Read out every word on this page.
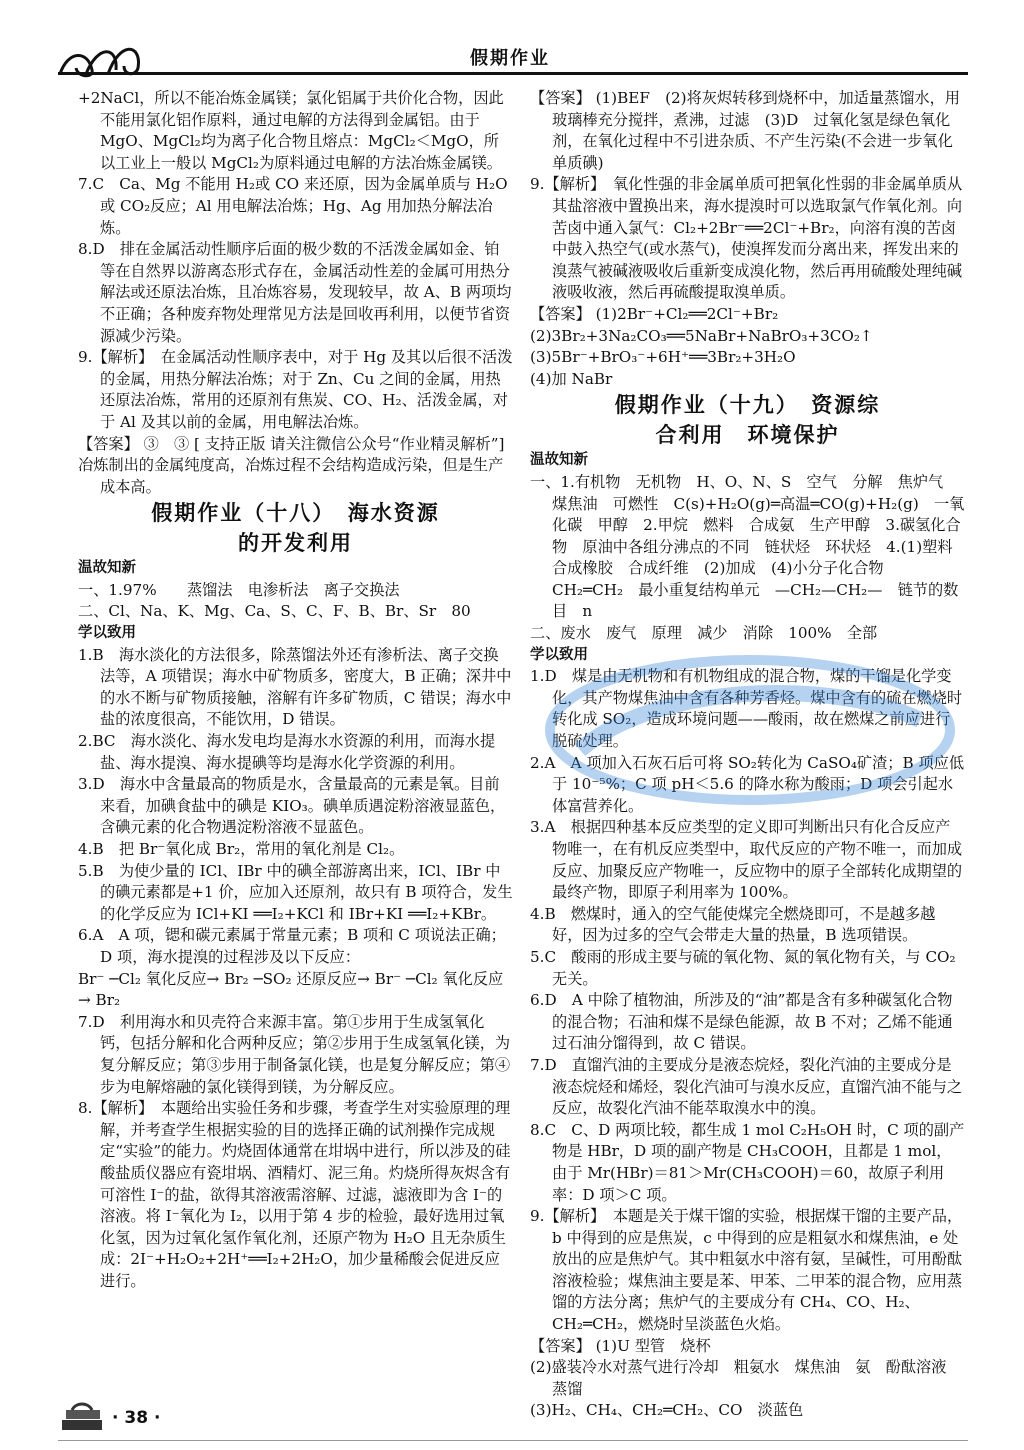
假期作业

+2NaCl，所以不能冶炼金属镁；氯化铝属于共价化合物，因此不能用氯化铝作原料，通过电解的方法得到金属铝。由于 MgO、MgCl₂均为离子化合物且熔点：MgCl₂＜MgO，所以工业上一般以 MgCl₂为原料通过电解的方法冶炼金属镁。

7.C　Ca、Mg 不能用 H₂或 CO 来还原，因为金属单质与 H₂O 或 CO₂反应；Al 用电解法冶炼；Hg、Ag 用加热分解法冶炼。

8.D　排在金属活动性顺序后面的极少数的不活泼金属如金、铂等在自然界以游离态形式存在，金属活动性差的金属可用热分解法或还原法冶炼，且冶炼容易，发现较早，故 A、B 两项均不正确；各种废弃物处理常见方法是回收再利用，以便节省资源减少污染。

9.【解析】　在金属活动性顺序表中，对于 Hg 及其以后很不活泼的金属，用热分解法冶炼；对于 Zn、Cu 之间的金属，用热还原法冶炼，常用的还原剂有焦炭、CO、H₂、活泼金属，对于 Al 及其以前的金属，用电解法冶炼。

【答案】 ③　③ [ 支持正版 请关注微信公众号“作业精灵解析”]

冶炼制出的金属纯度高，冶炼过程不会结构造成污染，但是生产成本高。

假期作业（十八）　海水资源

的开发利用

温故知新

一、1.97%　　蒸馏法　电渗析法　离子交换法

二、Cl、Na、K、Mg、Ca、S、C、F、B、Br、Sr　80

学以致用

1.B　海水淡化的方法很多，除蒸馏法外还有渗析法、离子交换法等，A 项错误；海水中矿物质多，密度大，B 正确；深井中的水不断与矿物质接触，溶解有许多矿物质，C 错误；海水中盐的浓度很高，不能饮用，D 错误。

2.BC　海水淡化、海水发电均是海水水资源的利用，而海水提盐、海水提溴、海水提碘等均是海水化学资源的利用。

3.D　海水中含量最高的物质是水，含量最高的元素是氧。目前来看，加碘食盐中的碘是 KIO₃。碘单质遇淀粉溶液显蓝色，含碘元素的化合物遇淀粉溶液不显蓝色。

4.B　把 Br⁻氧化成 Br₂，常用的氧化剂是 Cl₂。

5.B　为使少量的 ICl、IBr 中的碘全部游离出来，ICl、IBr 中的碘元素都是+1 价，应加入还原剂，故只有 B 项符合，发生的化学反应为 ICl+KI ══I₂+KCl 和 IBr+KI ══I₂+KBr。

6.A　A 项，锶和碳元素属于常量元素；B 项和 C 项说法正确；D 项，海水提溴的过程涉及以下反应：

Br⁻ ─Cl₂ 氧化反应→ Br₂ ─SO₂ 还原反应→ Br⁻ ─Cl₂ 氧化反应→ Br₂

7.D　利用海水和贝壳符合来源丰富。第①步用于生成氢氧化钙，包括分解和化合两种反应；第②步用于生成氢氧化镁，为复分解反应；第③步用于制备氯化镁，也是复分解反应；第④步为电解熔融的氯化镁得到镁，为分解反应。

8.【解析】　本题给出实验任务和步骤，考查学生对实验原理的理解，并考查学生根据实验的目的选择正确的试剂操作完成规定“实验”的能力。灼烧固体通常在坩埚中进行，所以涉及的硅酸盐质仪器应有瓷坩埚、酒精灯、泥三角。灼烧所得灰烬含有可溶性 I⁻的盐，欲得其溶液需溶解、过滤，滤液即为含 I⁻的溶液。将 I⁻氧化为 I₂，以用于第 4 步的检验，最好选用过氧化氢，因为过氧化氢作氧化剂，还原产物为 H₂O 且无杂质生成：2I⁻+H₂O₂+2H⁺══I₂+2H₂O，加少量稀酸会促进反应进行。

【答案】 (1)BEF　(2)将灰烬转移到烧杯中，加适量蒸馏水，用玻璃棒充分搅拌，煮沸，过滤　(3)D　过氧化氢是绿色氧化剂，在氧化过程中不引进杂质、不产生污染(不会进一步氧化单质碘)

9.【解析】　氧化性强的非金属单质可把氧化性弱的非金属单质从其盐溶液中置换出来，海水提溴时可以选取氯气作氧化剂。向苦卤中通入氯气：Cl₂+2Br⁻══2Cl⁻+Br₂，向溶有溴的苦卤中鼓入热空气(或水蒸气)，使溴挥发而分离出来，挥发出来的溴蒸气被碱液吸收后重新变成溴化物，然后再用硫酸处理纯碱液吸收液，然后再硫酸提取溴单质。

【答案】 (1)2Br⁻+Cl₂══2Cl⁻+Br₂

(2)3Br₂+3Na₂CO₃══5NaBr+NaBrO₃+3CO₂↑

(3)5Br⁻+BrO₃⁻+6H⁺══3Br₂+3H₂O

(4)加 NaBr

假期作业（十九）　资源综

合利用　环境保护

温故知新

一、1.有机物　无机物　H、O、N、S　空气　分解　焦炉气　煤焦油　可燃性　C(s)+H₂O(g)═高温═CO(g)+H₂(g)　一氧化碳　甲醇　2.甲烷　燃料　合成氨　生产甲醇　3.碳氢化合物　原油中各组分沸点的不同　链状烃　环状烃　4.(1)塑料　合成橡胶　合成纤维　(2)加成　(4)小分子化合物　CH₂═CH₂　最小重复结构单元　—CH₂—CH₂—　链节的数目　n

二、废水　废气　原理　减少　消除　100%　全部

学以致用

1.D　煤是由无机物和有机物组成的混合物，煤的干馏是化学变化，其产物煤焦油中含有各种芳香烃。煤中含有的硫在燃烧时转化成 SO₂，造成环境问题——酸雨，故在燃煤之前应进行脱硫处理。

2.A　A 项加入石灰石后可将 SO₂转化为 CaSO₄矿渣；B 项应低于 10⁻⁵%；C 项 pH＜5.6 的降水称为酸雨；D 项会引起水体富营养化。

3.A　根据四种基本反应类型的定义即可判断出只有化合反应产物唯一，在有机反应类型中，取代反应的产物不唯一，而加成反应、加聚反应产物唯一，反应物中的原子全部转化成期望的最终产物，即原子利用率为 100%。

4.B　燃煤时，通入的空气能使煤完全燃烧即可，不是越多越好，因为过多的空气会带走大量的热量，B 选项错误。

5.C　酸雨的形成主要与硫的氧化物、氮的氧化物有关，与 CO₂无关。

6.D　A 中除了植物油，所涉及的“油”都是含有多种碳氢化合物的混合物；石油和煤不是绿色能源，故 B 不对；乙烯不能通过石油分馏得到，故 C 错误。

7.D　直馏汽油的主要成分是液态烷烃，裂化汽油的主要成分是液态烷烃和烯烃，裂化汽油可与溴水反应，直馏汽油不能与之反应，故裂化汽油不能萃取溴水中的溴。

8.C　C、D 两项比较，都生成 1 mol C₂H₅OH 时，C 项的副产物是 HBr，D 项的副产物是 CH₃COOH，且都是 1 mol，由于 Mr(HBr)＝81＞Mr(CH₃COOH)＝60，故原子利用率：D 项＞C 项。

9.【解析】　本题是关于煤干馏的实验，根据煤干馏的主要产品，b 中得到的应是焦炭，c 中得到的应是粗氨水和煤焦油，e 处放出的应是焦炉气。其中粗氨水中溶有氨，呈碱性，可用酚酞溶液检验；煤焦油主要是苯、甲苯、二甲苯的混合物，应用蒸馏的方法分离；焦炉气的主要成分有 CH₄、CO、H₂、CH₂═CH₂，燃烧时呈淡蓝色火焰。

【答案】 (1)U 型管　烧杯

(2)盛装冷水对蒸气进行冷却　粗氨水　煤焦油　氨　酚酞溶液　蒸馏

(3)H₂、CH₄、CH₂═CH₂、CO　淡蓝色

· 38 ·
